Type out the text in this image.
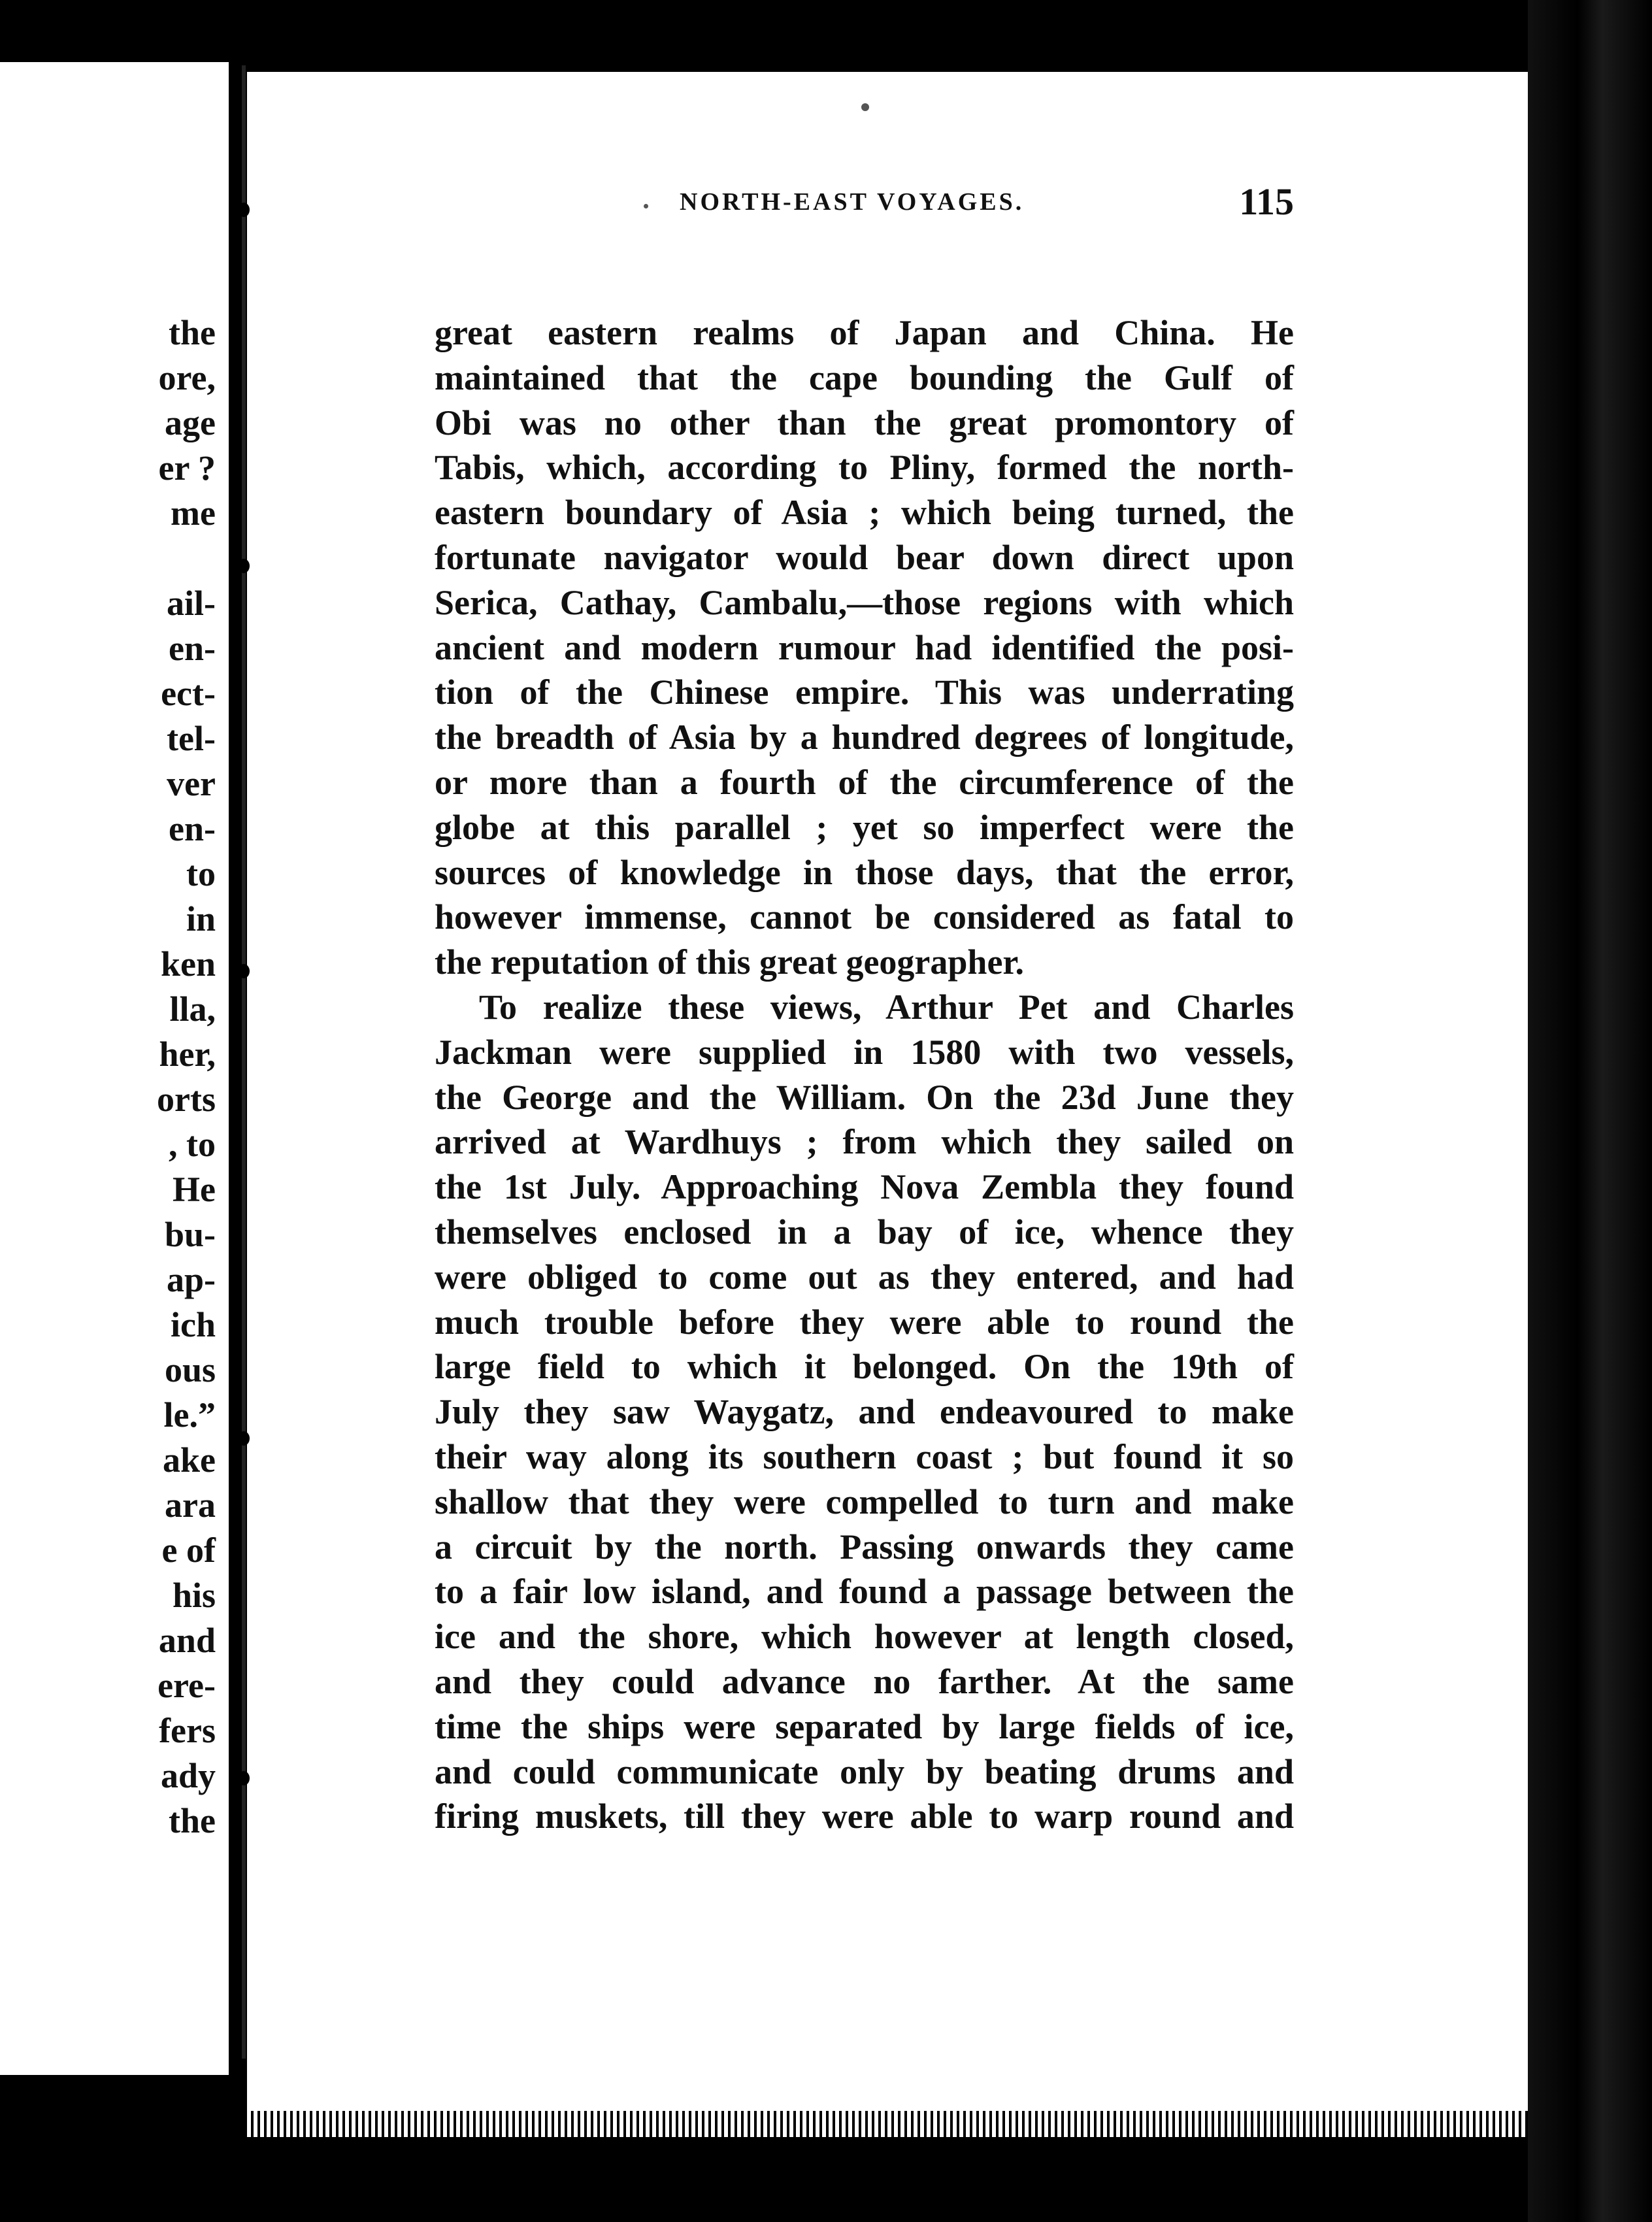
the
ore,
age
er ?
me
ail-
en-
ect-
tel-
ver
en-
to
in
ken
lla,
her,
orts
, to
He
bu-
ap-
ich
ous
le.”
ake
ara
e of
his
and
ere-
fers
ady
the
NORTH-EAST VOYAGES.	115
great eastern realms of Japan and China. He
maintained that the cape bounding the Gulf of
Obi was no other than the great promontory of
Tabis, which, according to Pliny, formed the north-
eastern boundary of Asia ; which being turned, the
fortunate navigator would bear down direct upon
Serica, Cathay, Cambalu,—those regions with which
ancient and modern rumour had identified the posi-
tion of the Chinese empire. This was underrating
the breadth of Asia by a hundred degrees of longitude,
or more than a fourth of the circumference of the
globe at this parallel ; yet so imperfect were the
sources of knowledge in those days, that the error,
however immense, cannot be considered as fatal to
the reputation of this great geographer.
To realize these views, Arthur Pet and Charles
Jackman were supplied in 1580 with two vessels,
the George and the William. On the 23d June they
arrived at Wardhuys ; from which they sailed on
the 1st July. Approaching Nova Zembla they found
themselves enclosed in a bay of ice, whence they
were obliged to come out as they entered, and had
much trouble before they were able to round the
large field to which it belonged. On the 19th of
July they saw Waygatz, and endeavoured to make
their way along its southern coast ; but found it so
shallow that they were compelled to turn and make
a circuit by the north. Passing onwards they came
to a fair low island, and found a passage between the
ice and the shore, which however at length closed,
and they could advance no farther. At the same
time the ships were separated by large fields of ice,
and could communicate only by beating drums and
firing muskets, till they were able to warp round and
